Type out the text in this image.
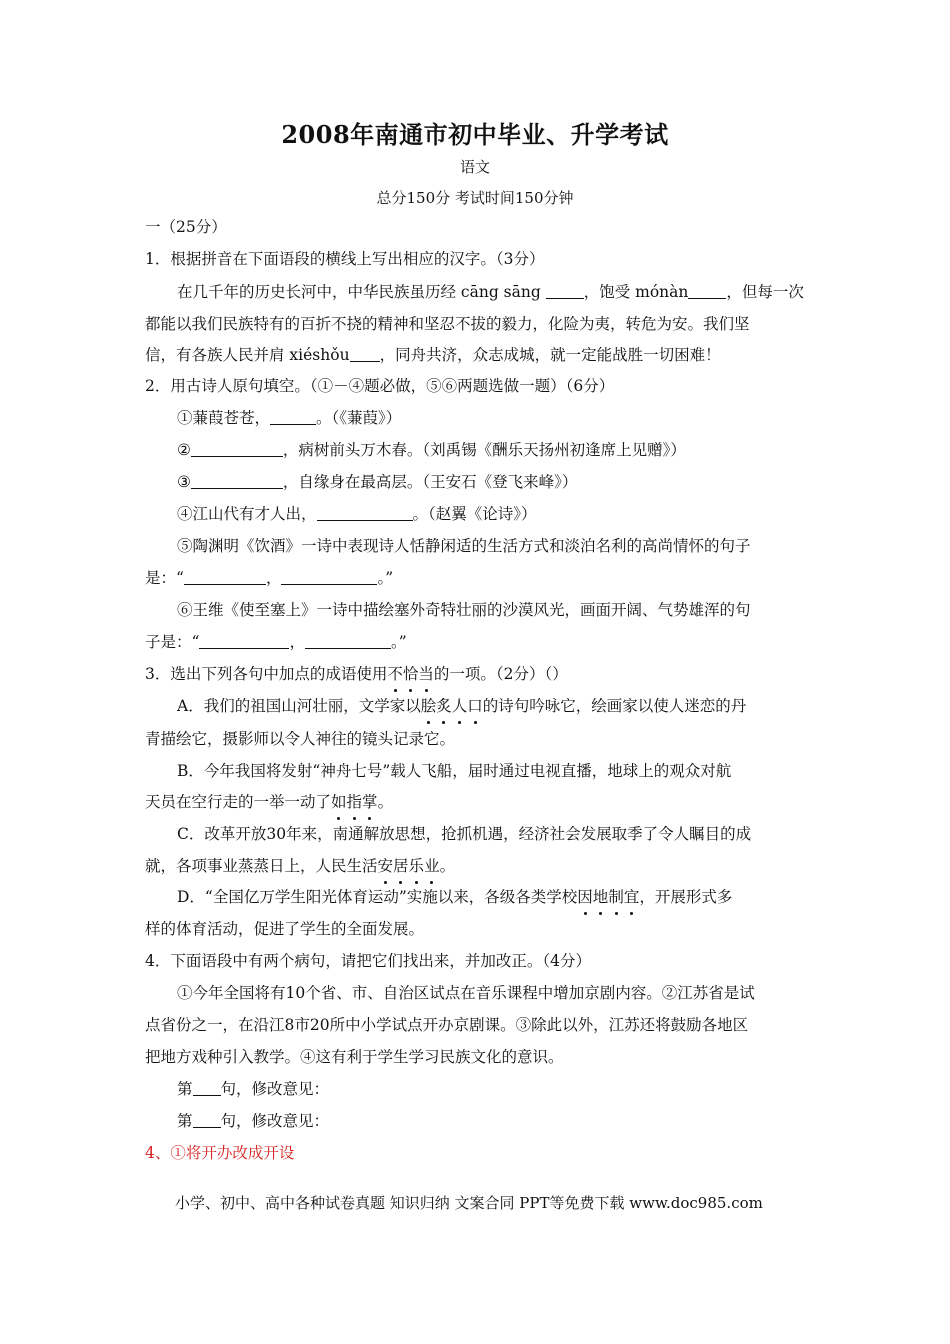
2008年南通市初中毕业、升学考试
语文
总分150分 考试时间150分钟
一（25分）
1．根据拼音在下面语段的横线上写出相应的汉字。（3分）
在几千年的历史长河中，中华民族虽历经 cāng sāng ，饱受 mónàn ，但每一次
都能以我们民族特有的百折不挠的精神和坚忍不拔的毅力，化险为夷，转危为安。我们坚
信，有各族人民并肩 xiéshǒu ，同舟共济，众志成城，就一定能战胜一切困难！
2．用古诗人原句填空。（①－④题必做，⑤⑥两题选做一题）（6分）
①蒹葭苍苍，	。（《蒹葭》）
②	，病树前头万木春。（刘禹锡《酬乐天扬州初逢席上见赠》）
③	，自缘身在最高层。（王安石《登飞来峰》）
④江山代有才人出，	。（赵翼《论诗》）
⑤陶渊明《饮酒》一诗中表现诗人恬静闲适的生活方式和淡泊名利的高尚情怀的句子
是：“	，	。”
⑥王维《使至塞上》一诗中描绘塞外奇特壮丽的沙漠风光，画面开阔、气势雄浑的句
子是：“	，	。”
3．选出下列各句中加点的成语使用不恰当的一项。（2分）（）
A．我们的祖国山河壮丽，文学家以脍炙人口的诗句吟咏它，绘画家以使人迷恋的丹
青描绘它，摄影师以令人神往的镜头记录它。
B．今年我国将发射“神舟七号”载人飞船，届时通过电视直播，地球上的观众对航
天员在空行走的一举一动了如指掌。
C．改革开放30年来，南通解放思想，抢抓机遇，经济社会发展取季了令人瞩目的成
就，各项事业蒸蒸日上，人民生活安居乐业。
D．“全国亿万学生阳光体育运动”实施以来，各级各类学校因地制宜，开展形式多
样的体育活动，促进了学生的全面发展。
4．下面语段中有两个病句，请把它们找出来，并加改正。（4分）
①今年全国将有10个省、市、自治区试点在音乐课程中增加京剧内容。②江苏省是试
点省份之一，在沿江8市20所中小学试点开办京剧课。③除此以外，江苏还将鼓励各地区
把地方戏种引入教学。④这有利于学生学习民族文化的意识。
第 句，修改意见：
第 句，修改意见：
4、①将开办改成开设
小学、初中、高中各种试卷真题 知识归纳 文案合同 PPT等免费下载 www.doc985.com
